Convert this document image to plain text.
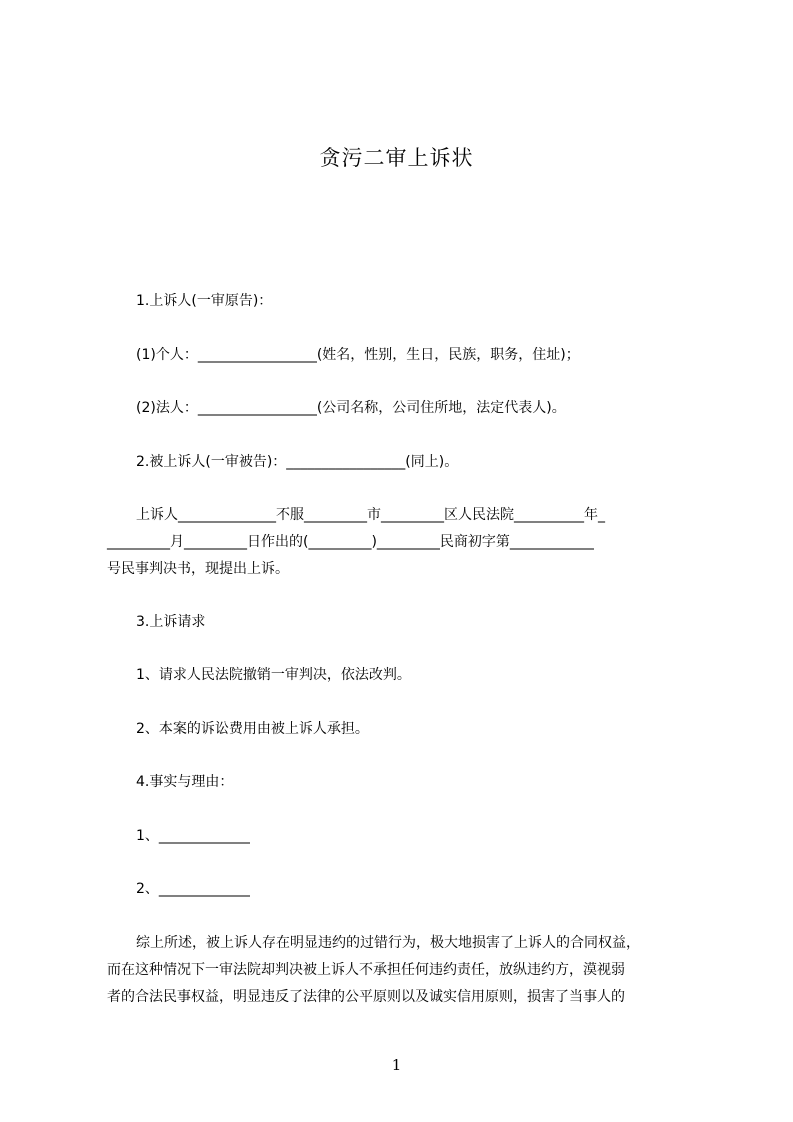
贪污二审上诉状
1.上诉人(一审原告)：
(1)个人：_________________(姓名，性别，生日，民族，职务，住址)；
(2)法人：_________________(公司名称，公司住所地，法定代表人)。
2.被上诉人(一审被告)：_________________(同上)。
上诉人______________不服_________市_________区人民法院__________年_
_________月_________日作出的(_________)_________民商初字第____________
号民事判决书，现提出上诉。
3.上诉请求
1、请求人民法院撤销一审判决，依法改判。
2、本案的诉讼费用由被上诉人承担。
4.事实与理由：
1、_____________
2、_____________
综上所述，被上诉人存在明显违约的过错行为，极大地损害了上诉人的合同权益，
而在这种情况下一审法院却判决被上诉人不承担任何违约责任，放纵违约方，漠视弱
者的合法民事权益，明显违反了法律的公平原则以及诚实信用原则，损害了当事人的
1
